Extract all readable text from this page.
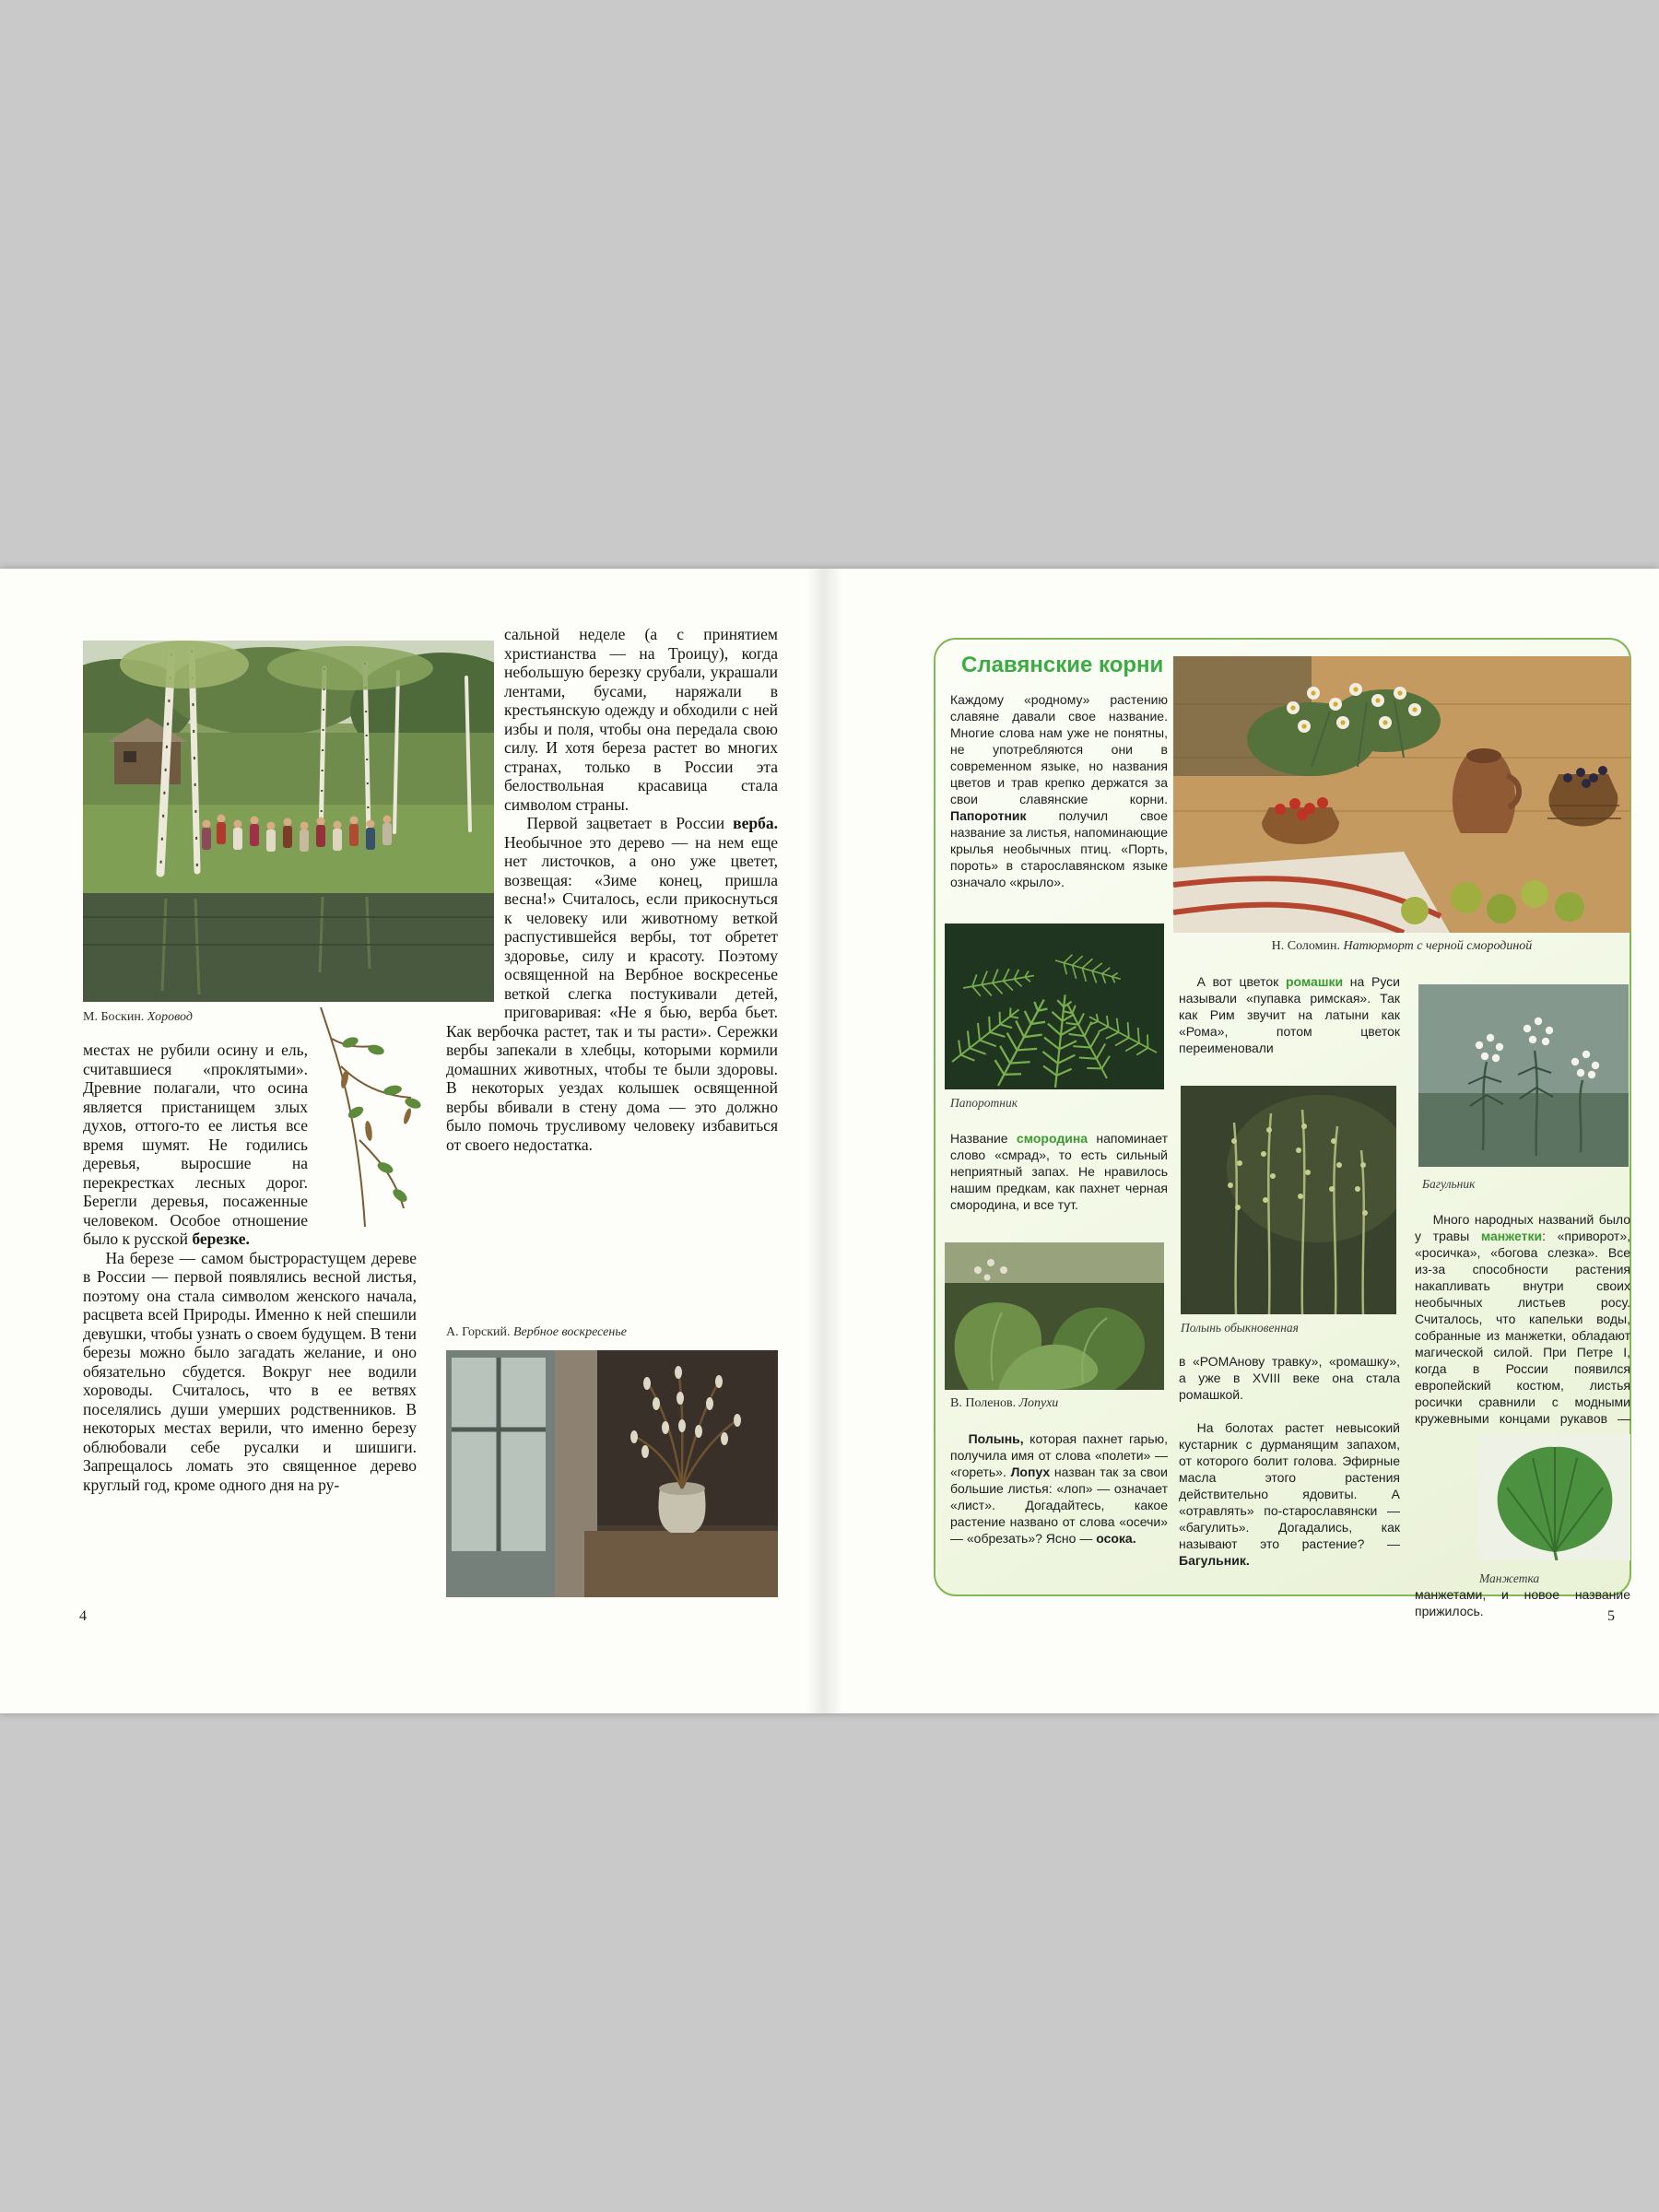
М. Боскин. Хоровод

местах не рубили осину и ель, считавшиеся «проклятыми». Древние полагали, что осина является пристанищем злых духов, оттого-то ее листья все время шумят. Не годились деревья, выросшие на перекрестках лесных дорог. Берегли деревья, посаженные человеком. Особое отношение было к русской березке.

На березе — самом быстрорастущем дереве в России — первой появлялись весной листья, поэтому она стала символом женского начала, расцвета всей Природы. Именно к ней спешили девушки, чтобы узнать о своем будущем. В тени березы можно было загадать желание, и оно обязательно сбудется. Вокруг нее водили хороводы. Считалось, что в ее ветвях поселялись души умерших родственников. В некоторых местах верили, что именно березу облюбовали себе русалки и шишиги. Запрещалось ломать это священное дерево круглый год, кроме одного дня на ру-

сальной неделе (а с принятием христианства — на Троицу), когда небольшую березку срубали, украшали лентами, бусами, наряжали в крестьянскую одежду и обходили с ней избы и поля, чтобы она передала свою силу. И хотя береза растет во многих странах, только в России эта белоствольная красавица стала символом страны.

Первой зацветает в России верба. Необычное это дерево — на нем еще нет листочков, а оно уже цветет, возвещая: «Зиме конец, пришла весна!» Считалось, если прикоснуться к человеку или животному веткой распустившейся вербы, тот обретет здоровье, силу и красоту. Поэтому освященной на Вербное воскресенье веткой слегка постукивали детей, приговаривая: «Не я бью, верба бьет. Как вербочка растет, так и ты расти». Сережки вербы запекали в хлебцы, которыми кормили домашних животных, чтобы те были здоровы. В некоторых уездах колышек освященной вербы вбивали в стену дома — это должно было помочь трусливому человеку избавиться от своего недостатка.

А. Горский. Вербное воскресенье
4
Славянские корни
Н. Соломин. Натюрморт с черной смородиной

Каждому «родному» растению славяне давали свое название. Многие слова нам уже не понятны, не употребляются они в современном языке, но названия цветов и трав крепко держатся за свои славянские корни. Папоротник получил свое название за листья, напоминающие крылья необычных птиц. «Порть, пороть» в старославянском языке означало «крыло».

Папоротник

Название смородина напоминает слово «смрад», то есть сильный неприятный запах. Не нравилось нашим предкам, как пахнет черная смородина, и все тут.

В. Поленов. Лопухи

Полынь, которая пахнет гарью, получила имя от слова «полети» — «гореть». Лопух назван так за свои большие листья: «лоп» — означает «лист». Догадайтесь, какое растение названо от слова «осечи» — «обрезать»? Ясно — осока.

А вот цветок ромашки на Руси называли «пупавка римская». Так как Рим звучит на латыни как «Рома», потом цветок переименовали

Полынь обыкновенная

в «РОМАнову травку», «ромашку», а уже в XVIII веке она стала ромашкой.

На болотах растет невысокий кустарник с дурманящим запахом, от которого болит голова. Эфирные масла этого растения действительно ядовиты. А «отравлять» по-старославянски — «багулить». Догадались, как называют это растение? — Багульник.

Багульник
Манжетка

Много народных названий было у травы манжетки: «приворот», «росичка», «богова слезка». Все из-за способности растения накапливать внутри своих необычных листьев росу. Считалось, что капельки воды, собранные из манжетки, обладают магической силой. При Петре I, когда в России появился европейский костюм, листья росички сравнили с модными кружевными концами рукавов — манжетами, и новое название прижилось.	5
